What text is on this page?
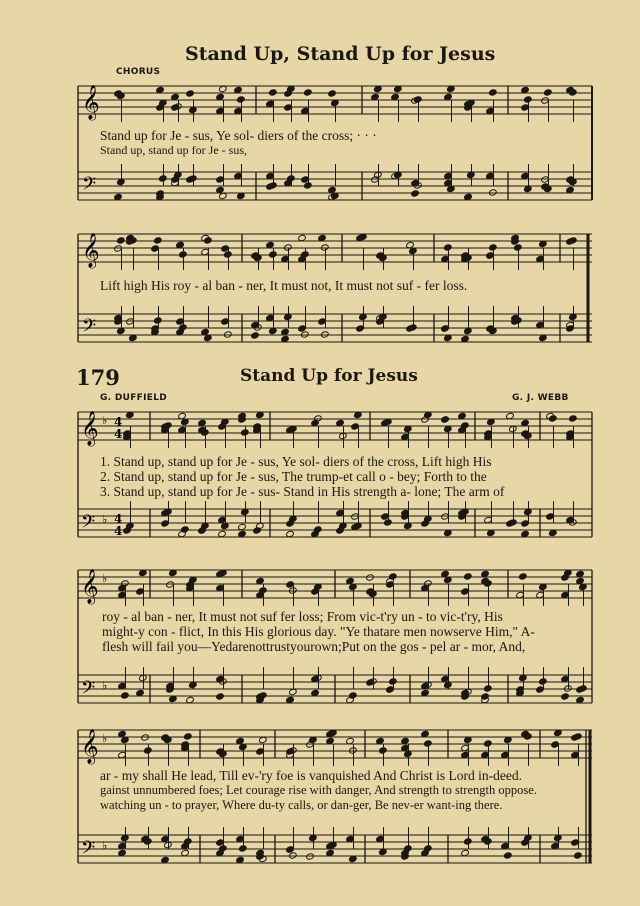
Stand Up, Stand Up for Jesus
CHORUS
𝄞
𝄢
Stand up for Je - sus, Ye sol- diers of the cross; · · ·
Stand up, stand up for Je - sus,
𝄞
𝄢
Lift high His roy - al ban - ner, It must not, It must not suf - fer loss.
179	Stand Up for Jesus
G. DUFFIELD	G. J. WEBB
𝄞
𝄢
♭
♭
4
4
4
4
1. Stand up, stand up for Je - sus, Ye sol- diers of the cross, Lift high His
2. Stand up, stand up for Je - sus, The trump-et call o - bey; Forth to the
3. Stand up, stand up for Je - sus- Stand in His strength a- lone; The arm of
𝄞
𝄢
♭
♭
roy - al ban - ner, It must not suf fer loss; From vic-t'ry un - to vic-t'ry, His
might-y con - flict, In this His glorious day. "Ye thatare men nowserve Him," A-
flesh will fail you—Yedarenottrustyourown;Put on the gos - pel ar - mor, And,
𝄞
𝄢
♭
♭
ar - my shall He lead, Till ev-'ry foe is vanquished And Christ is Lord in-deed.
gainst unnumbered foes; Let courage rise with danger, And strength to strength oppose.
watching un - to prayer, Where du-ty calls, or dan-ger, Be nev-er want-ing there.
